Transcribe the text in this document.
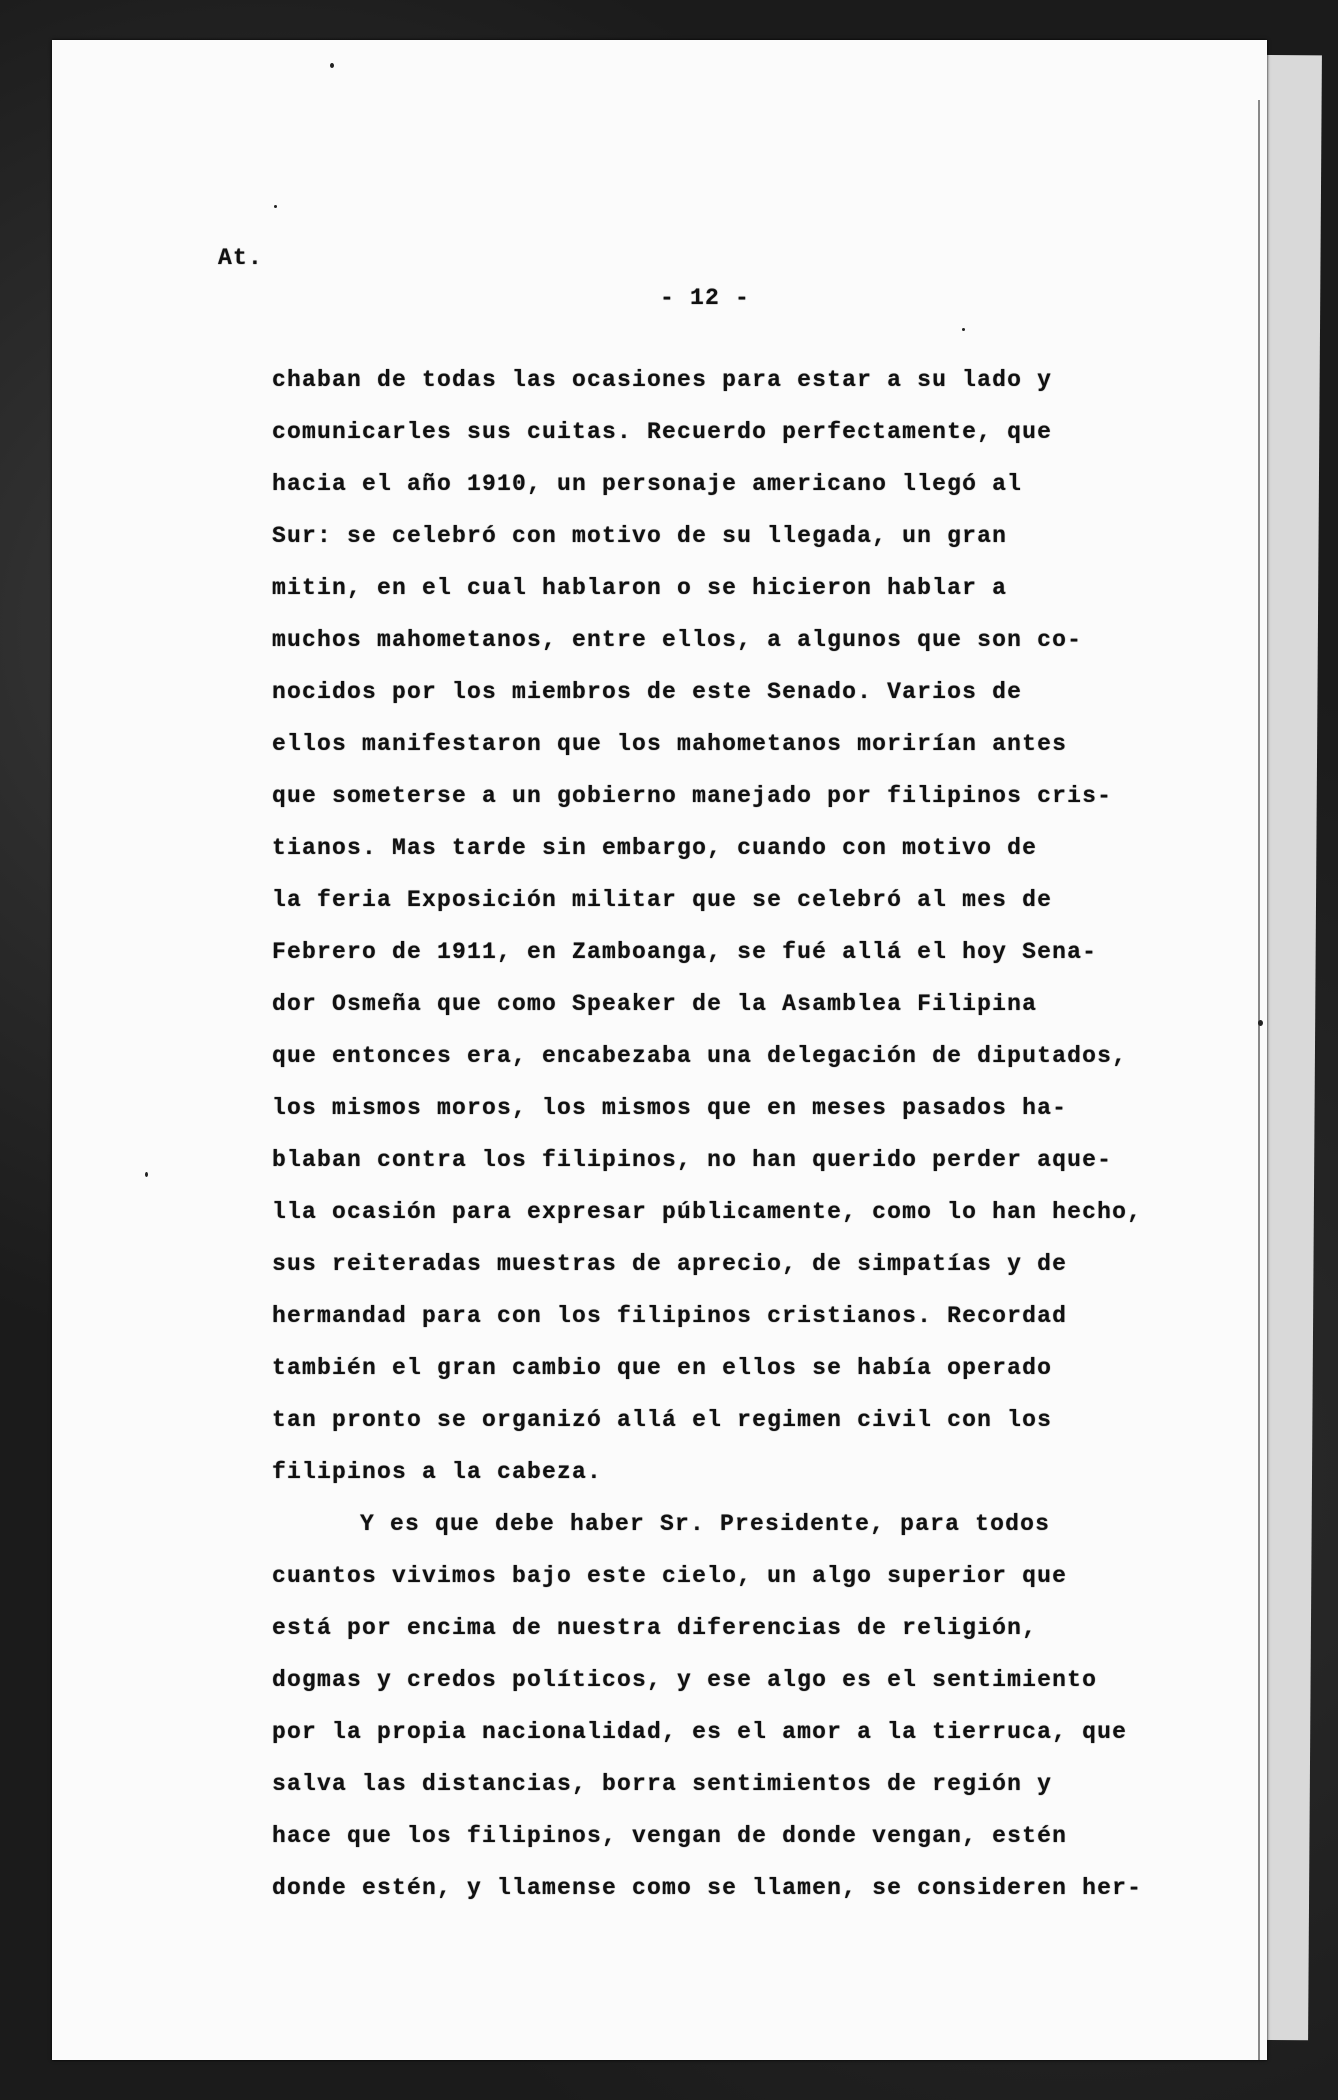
At.
- 12 -
chaban de todas las ocasiones para estar a su lado y
comunicarles sus cuitas. Recuerdo perfectamente, que
hacia el año 1910, un personaje americano llegó al
Sur: se celebró con motivo de su llegada, un gran
mitin, en el cual hablaron o se hicieron hablar a
muchos mahometanos, entre ellos, a algunos que son co-
nocidos por los miembros de este Senado. Varios de
ellos manifestaron que los mahometanos morirían antes
que someterse a un gobierno manejado por filipinos cris-
tianos. Mas tarde sin embargo, cuando con motivo de
la feria Exposición militar que se celebró al mes de
Febrero de 1911, en Zamboanga, se fué allá el hoy Sena-
dor Osmeña que como Speaker de la Asamblea Filipina
que entonces era, encabezaba una delegación de diputados,
los mismos moros, los mismos que en meses pasados ha-
blaban contra los filipinos, no han querido perder aque-
lla ocasión para expresar públicamente, como lo han hecho,
sus reiteradas muestras de aprecio, de simpatías y de
hermandad para con los filipinos cristianos. Recordad
también el gran cambio que en ellos se había operado
tan pronto se organizó allá el regimen civil con los
filipinos a la cabeza.
Y es que debe haber Sr. Presidente, para todos
cuantos vivimos bajo este cielo, un algo superior que
está por encima de nuestra diferencias de religión,
dogmas y credos políticos, y ese algo es el sentimiento
por la propia nacionalidad, es el amor a la tierruca, que
salva las distancias, borra sentimientos de región y
hace que los filipinos, vengan de donde vengan, estén
donde estén, y llamense como se llamen, se consideren her-
